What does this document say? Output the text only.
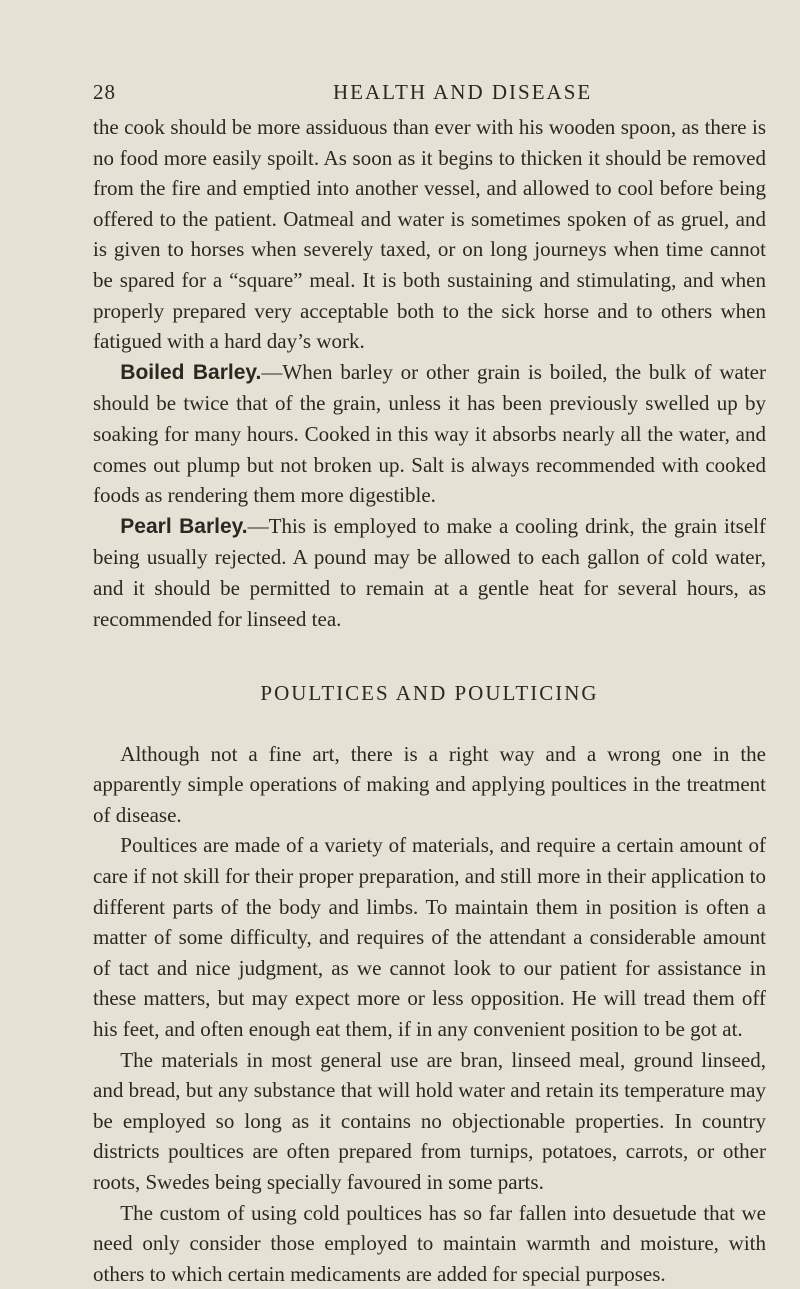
28	HEALTH AND DISEASE

the cook should be more assiduous than ever with his wooden spoon, as there is no food more easily spoilt. As soon as it begins to thicken it should be removed from the fire and emptied into another vessel, and allowed to cool before being offered to the patient. Oatmeal and water is sometimes spoken of as gruel, and is given to horses when severely taxed, or on long journeys when time cannot be spared for a “square” meal. It is both sustaining and stimulating, and when properly prepared very acceptable both to the sick horse and to others when fatigued with a hard day’s work.

Boiled Barley.—When barley or other grain is boiled, the bulk of water should be twice that of the grain, unless it has been previously swelled up by soaking for many hours. Cooked in this way it absorbs nearly all the water, and comes out plump but not broken up. Salt is always recommended with cooked foods as rendering them more digestible.

Pearl Barley.—This is employed to make a cooling drink, the grain itself being usually rejected. A pound may be allowed to each gallon of cold water, and it should be permitted to remain at a gentle heat for several hours, as recommended for linseed tea.

POULTICES AND POULTICING

Although not a fine art, there is a right way and a wrong one in the apparently simple operations of making and applying poultices in the treatment of disease.

Poultices are made of a variety of materials, and require a certain amount of care if not skill for their proper preparation, and still more in their application to different parts of the body and limbs. To maintain them in position is often a matter of some difficulty, and requires of the attendant a considerable amount of tact and nice judgment, as we cannot look to our patient for assistance in these matters, but may expect more or less opposition. He will tread them off his feet, and often enough eat them, if in any convenient position to be got at.

The materials in most general use are bran, linseed meal, ground linseed, and bread, but any substance that will hold water and retain its temperature may be employed so long as it contains no objectionable properties. In country districts poultices are often prepared from turnips, potatoes, carrots, or other roots, Swedes being specially favoured in some parts.

The custom of using cold poultices has so far fallen into desuetude that we need only consider those employed to maintain warmth and moisture, with others to which certain medicaments are added for special purposes.
